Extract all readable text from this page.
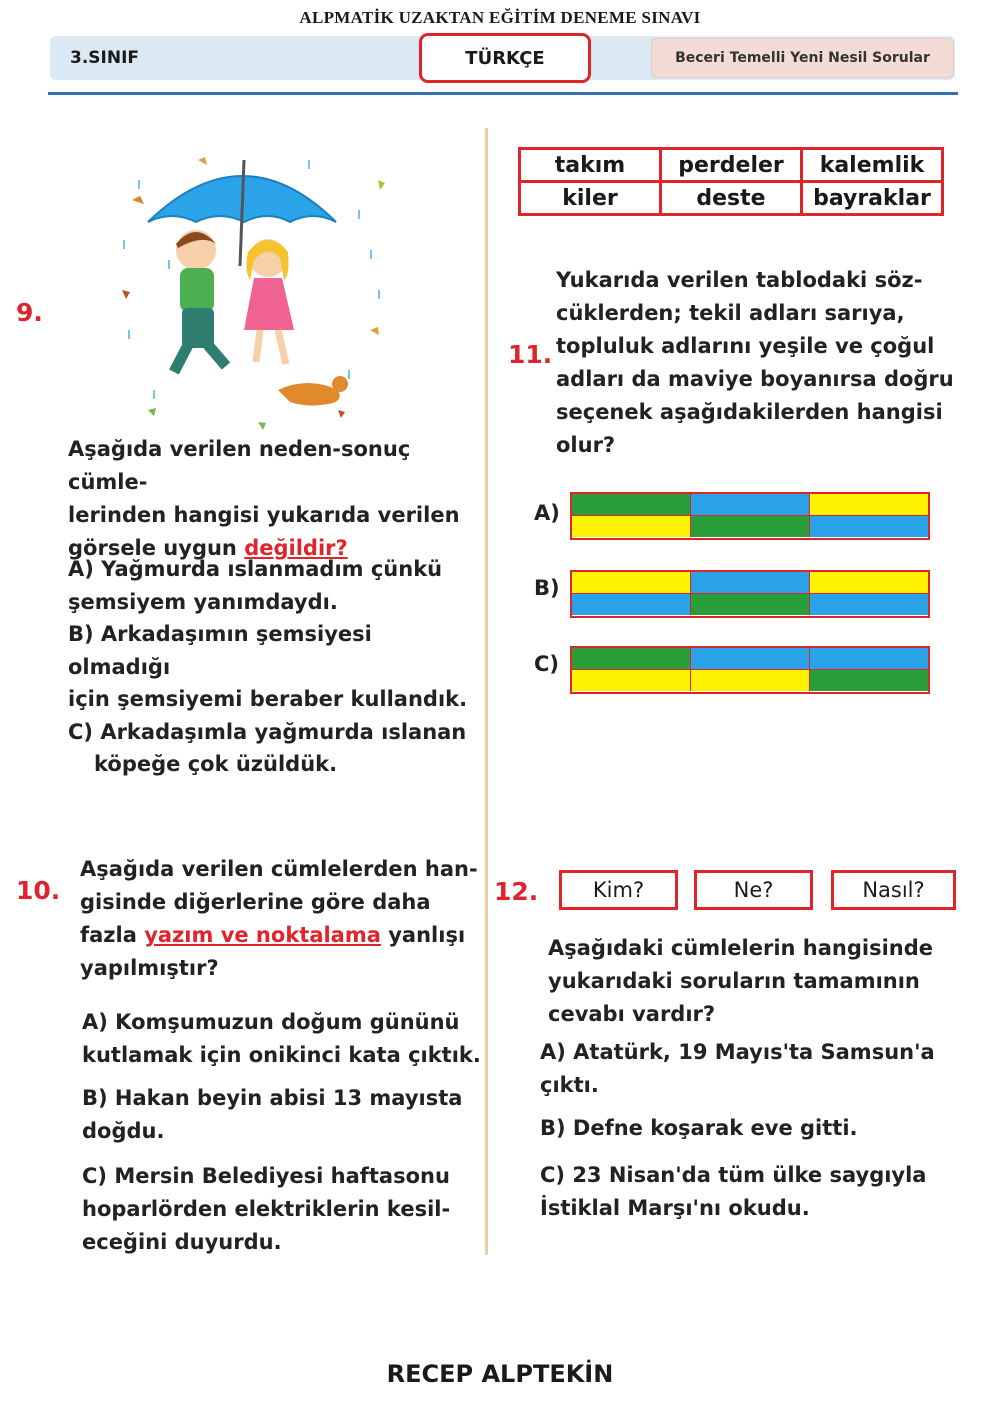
ALPMATİK UZAKTAN EĞİTİM DENEME SINAVI
3.SINIF	TÜRKÇE	Beceri Temelli Yeni Nesil Sorular
9.
Aşağıda verilen neden-sonuç cümle-
lerinden hangisi yukarıda verilen
görsele uygun değildir?
A) Yağmurda ıslanmadım çünkü
şemsiyem yanımdaydı.
B) Arkadaşımın şemsiyesi olmadığı
için şemsiyemi beraber kullandık.
C) Arkadaşımla yağmurda ıslanan
köpeğe çok üzüldük.
10.
Aşağıda verilen cümlelerden han-
gisinde diğerlerine göre daha
fazla yazım ve noktalama yanlışı
yapılmıştır?
A) Komşumuzun doğum gününü
kutlamak için onikinci kata çıktık.
B) Hakan beyin abisi 13 mayısta
doğdu.
C) Mersin Belediyesi haftasonu
hoparlörden elektriklerin kesil-
eceğini duyurdu.
takım	perdeler	kalemlik
kiler	deste	bayraklar
11.
Yukarıda verilen tablodaki söz-
cüklerden; tekil adları sarıya,
topluluk adlarını yeşile ve çoğul
adları da maviye boyanırsa doğru
seçenek aşağıdakilerden hangisi
olur?
A)
B)
C)
12.	Kim?	Ne?	Nasıl?
Aşağıdaki cümlelerin hangisinde
yukarıdaki soruların tamamının
cevabı vardır?
A) Atatürk, 19 Mayıs'ta Samsun'a
çıktı.
B) Defne koşarak eve gitti.
C) 23 Nisan'da tüm ülke saygıyla
İstiklal Marşı'nı okudu.
RECEP ALPTEKİN
